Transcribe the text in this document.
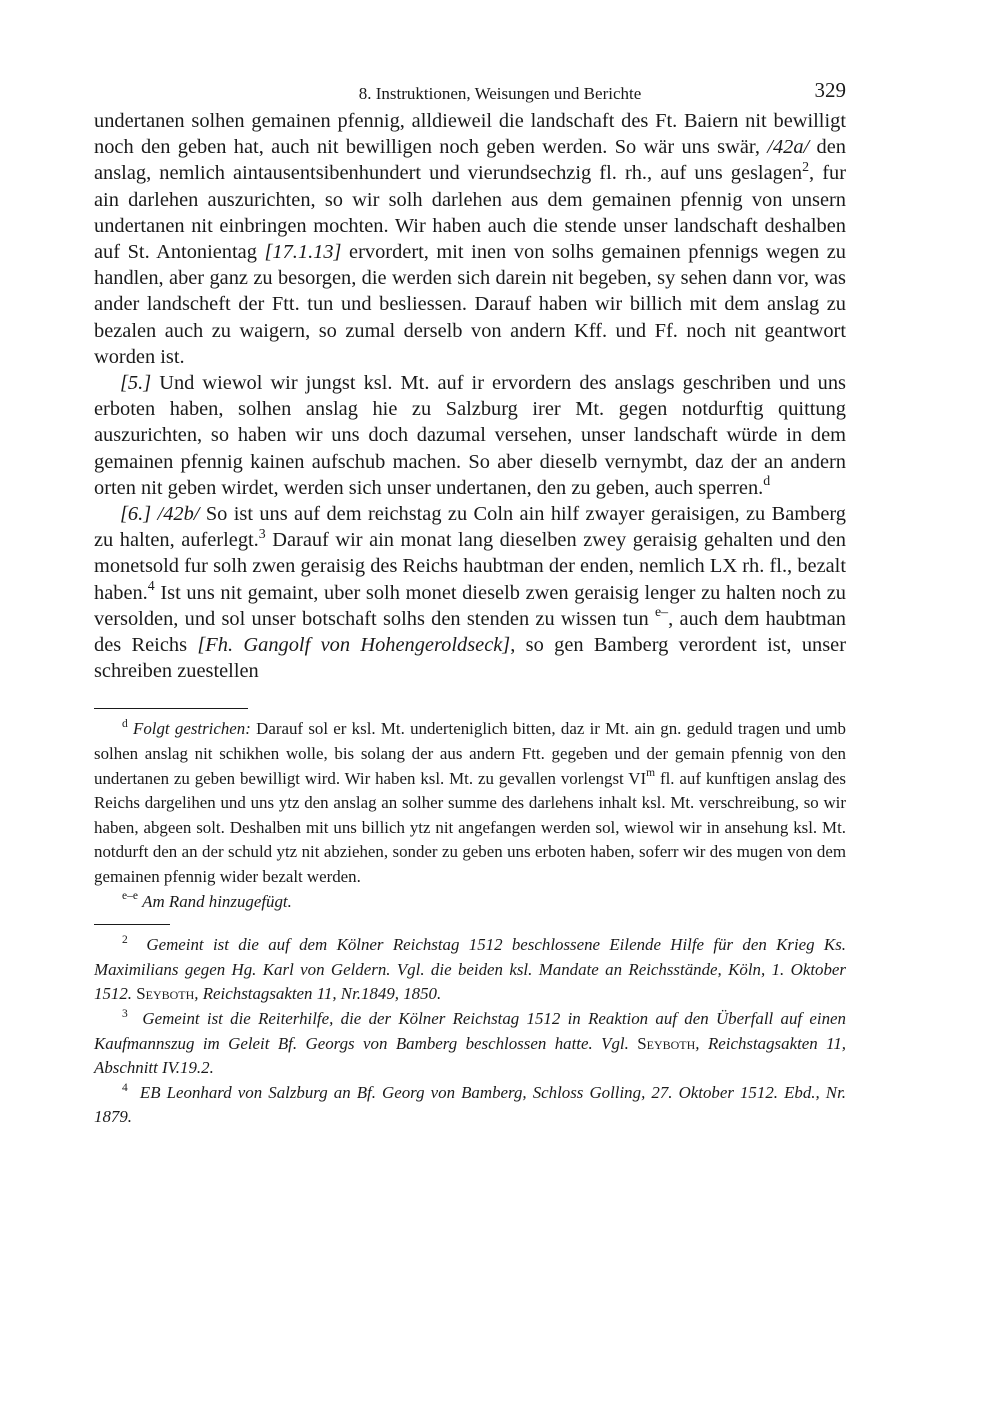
8. Instruktionen, Weisungen und Berichte	329

undertanen solhen gemainen pfennig, alldieweil die landschaft des Ft. Baiern nit bewilligt noch den geben hat, auch nit bewilligen noch geben werden. So wär uns swär, /42a/ den anslag, nemlich aintausentsibenhundert und vierundsechzig fl. rh., auf uns geslagen$^2$, fur ain darlehen auszurichten, so wir solh darlehen aus dem gemainen pfennig von unsern undertanen nit einbringen mochten. Wir haben auch die stende unser landschaft deshalben auf St. Antonientag [17.1.13] ervordert, mit inen von solhs gemainen pfennigs wegen zu handlen, aber ganz zu besorgen, die werden sich darein nit begeben, sy sehen dann vor, was ander landscheft der Ftt. tun und besliessen. Darauf haben wir billich mit dem anslag zu bezalen auch zu waigern, so zumal derselb von andern Kff. und Ff. noch nit geantwort worden ist.

[5.] Und wiewol wir jungst ksl. Mt. auf ir ervordern des anslags geschriben und uns erboten haben, solhen anslag hie zu Salzburg irer Mt. gegen notdurftig quittung auszurichten, so haben wir uns doch dazumal versehen, unser landschaft würde in dem gemainen pfennig kainen aufschub machen. So aber dieselb vernymbt, daz der an andern orten nit geben wirdet, werden sich unser undertanen, den zu geben, auch sperren.$^d$

[6.] /42b/ So ist uns auf dem reichstag zu Coln ain hilf zwayer geraisigen, zu Bamberg zu halten, auferlegt.$^3$ Darauf wir ain monat lang dieselben zwey geraisig gehalten und den monetsold fur solh zwen geraisig des Reichs haubtman der enden, nemlich LX rh. fl., bezalt haben.$^4$ Ist uns nit gemaint, uber solh monet dieselb zwen geraisig lenger zu halten noch zu versolden, und sol unser botschaft solhs den stenden zu wissen tun $^{e-}$, auch dem haubtman des Reichs [Fh. Gangolf von Hohengeroldseck], so gen Bamberg verordent ist, unser schreiben zuestellen

$^d$ Folgt gestrichen: Darauf sol er ksl. Mt. underteniglich bitten, daz ir Mt. ain gn. geduld tragen und umb solhen anslag nit schikhen wolle, bis solang der aus andern Ftt. gegeben und der gemain pfennig von den undertanen zu geben bewilligt wird. Wir haben ksl. Mt. zu gevallen vorlengst $VI^m$ fl. auf kunftigen anslag des Reichs dargelihen und uns ytz den anslag an solher summe des darlehens inhalt ksl. Mt. verschreibung, so wir haben, abgeen solt. Deshalben mit uns billich ytz nit angefangen werden sol, wiewol wir in ansehung ksl. Mt. notdurft den an der schuld ytz nit abziehen, sonder zu geben uns erboten haben, soferr wir des mugen von dem gemainen pfennig wider bezalt werden.

$^{e-e}$ Am Rand hinzugefügt.

$^2$ Gemeint ist die auf dem Kölner Reichstag 1512 beschlossene Eilende Hilfe für den Krieg Ks. Maximilians gegen Hg. Karl von Geldern. Vgl. die beiden ksl. Mandate an Reichsstände, Köln, 1. Oktober 1512. Seyboth, Reichstagsakten 11, Nr.1849, 1850.

$^3$ Gemeint ist die Reiterhilfe, die der Kölner Reichstag 1512 in Reaktion auf den Überfall auf einen Kaufmannszug im Geleit Bf. Georgs von Bamberg beschlossen hatte. Vgl. Seyboth, Reichstagsakten 11, Abschnitt IV.19.2.

$^4$ EB Leonhard von Salzburg an Bf. Georg von Bamberg, Schloss Golling, 27. Oktober 1512. Ebd., Nr. 1879.
